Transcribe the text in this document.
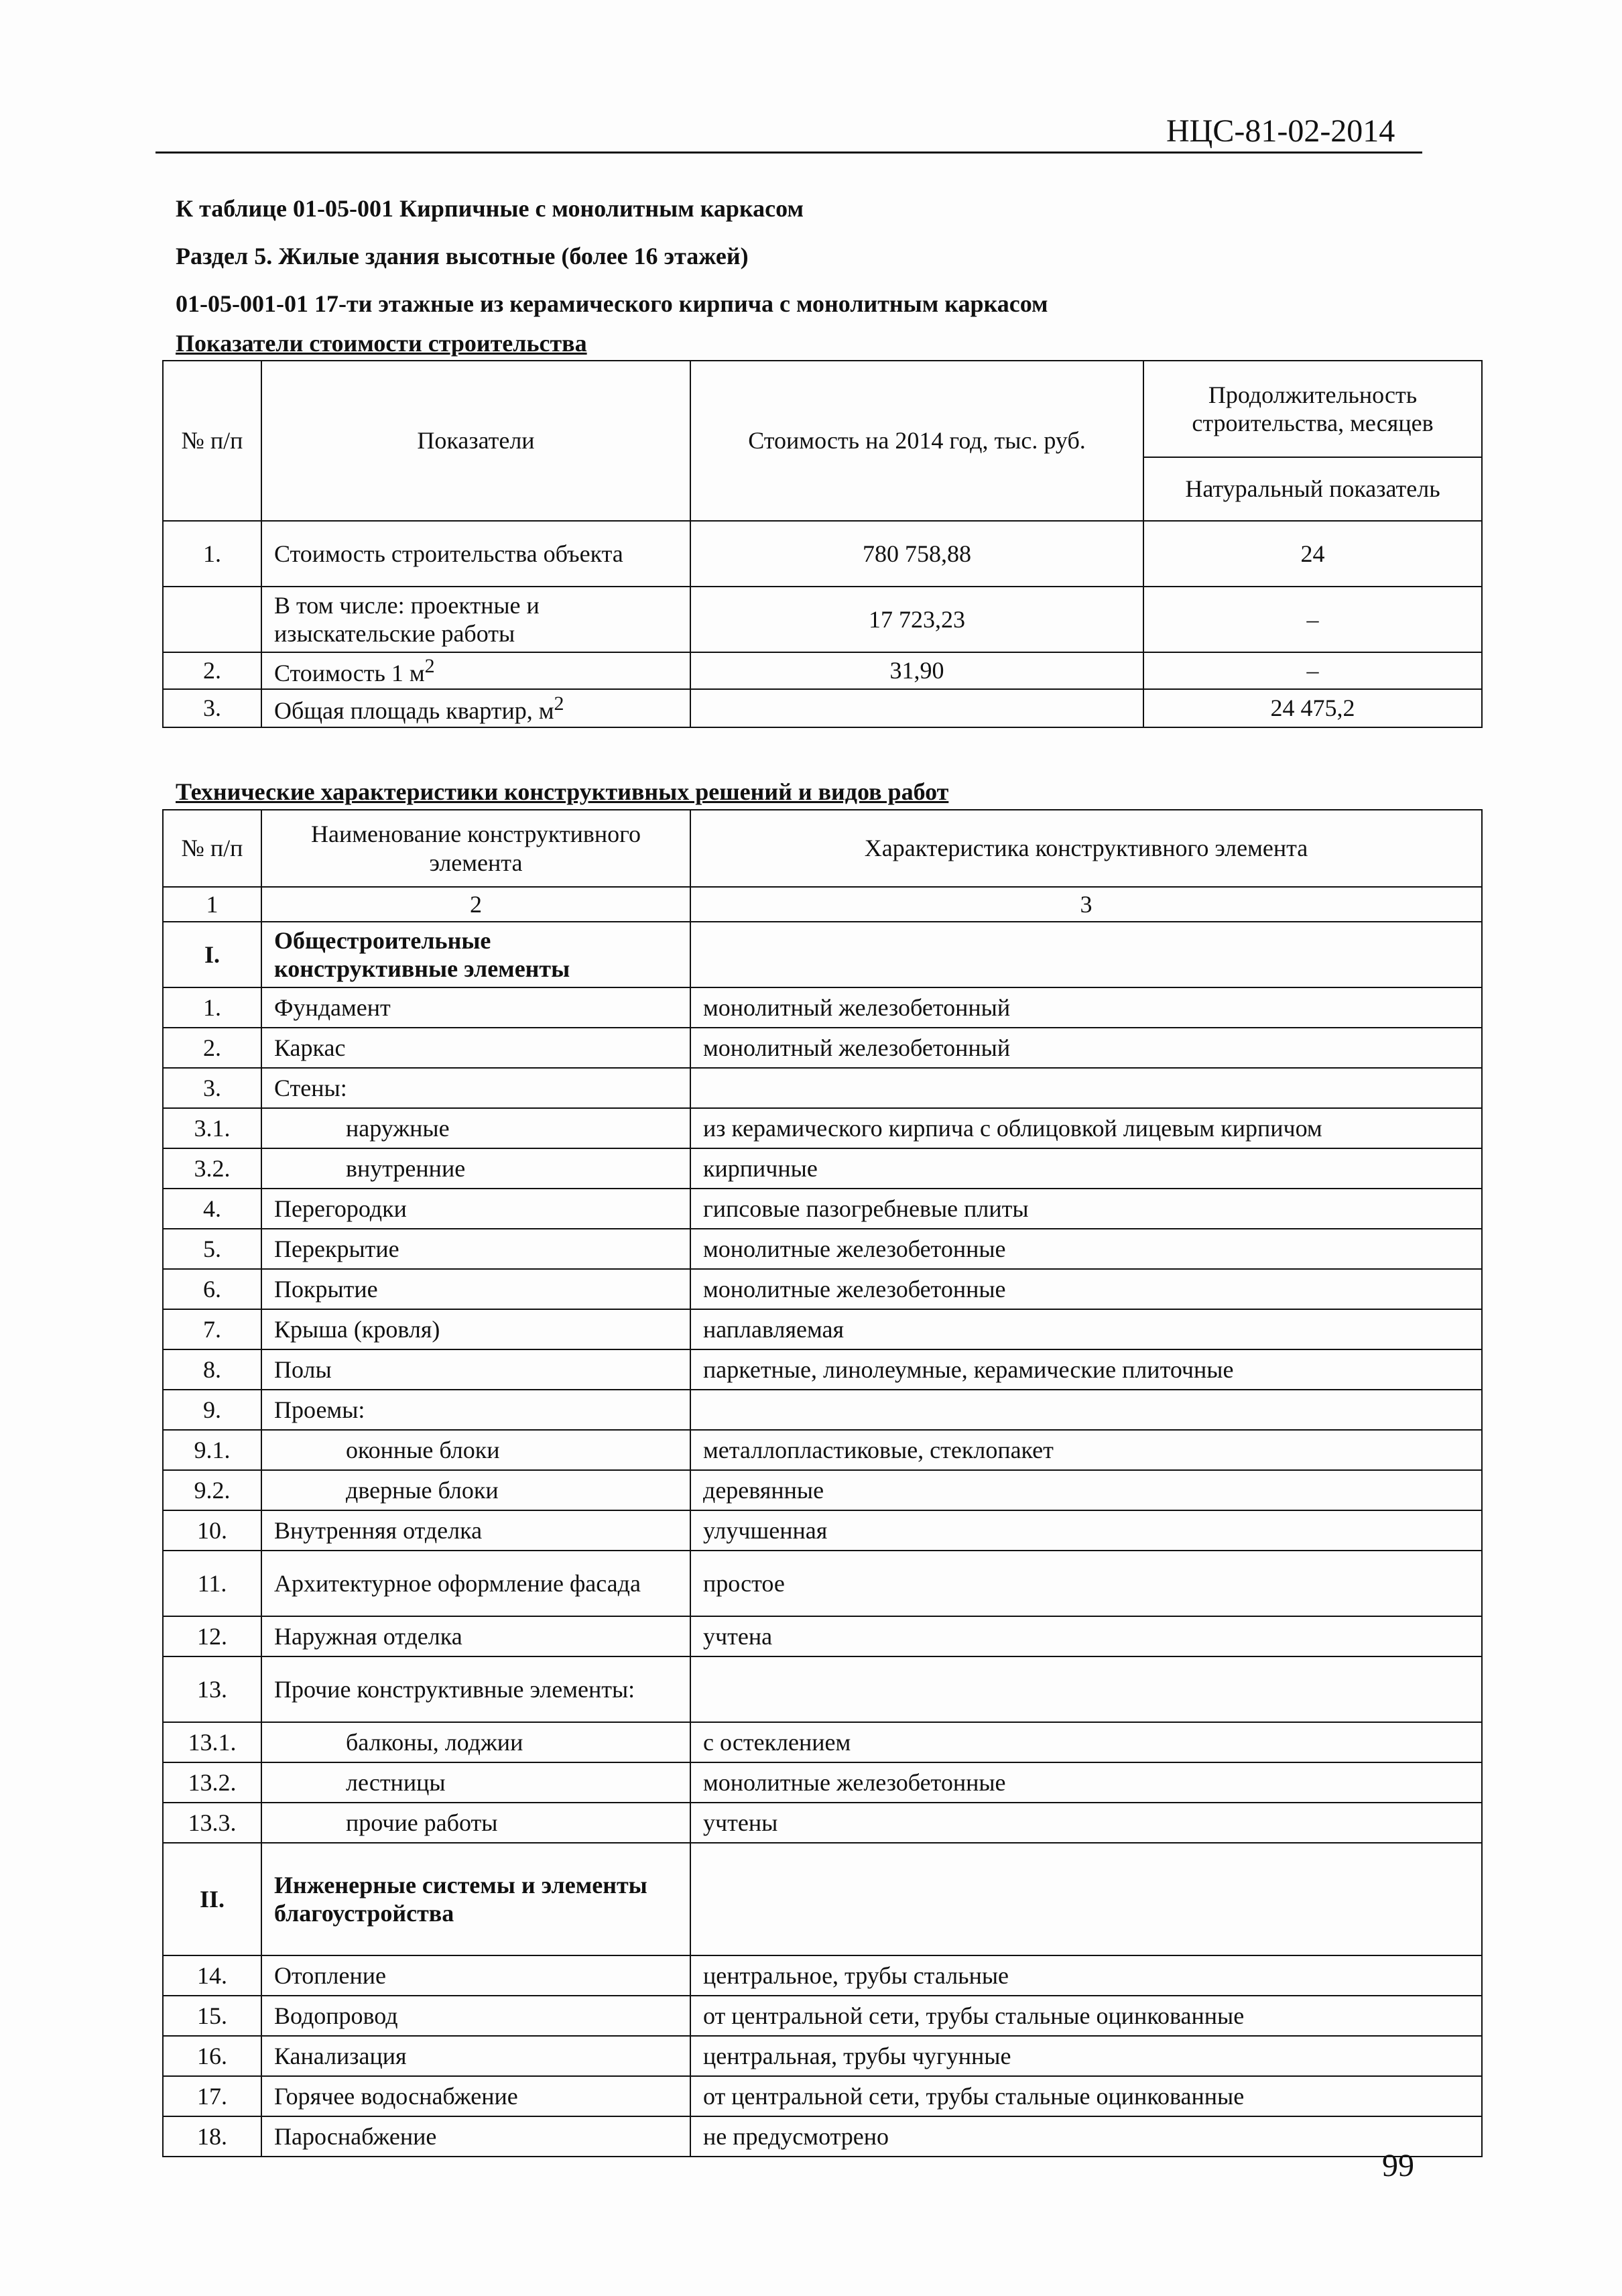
НЦС-81-02-2014
К таблице 01-05-001 Кирпичные с монолитным каркасом
Раздел 5. Жилые здания высотные (более 16 этажей)
01-05-001-01 17-ти этажные из керамического кирпича с монолитным каркасом
Показатели стоимости строительства
№ п/п	Показатели	Стоимость на 2014 год, тыс. руб.	Продолжительность строительства, месяцев
			Натуральный показатель
1.	Стоимость строительства объекта	780 758,88	24
	В том числе: проектные и изыскательские работы	17 723,23	–
2.	Стоимость 1 $м^2$	31,90	–
3.	Общая площадь квартир, $м^2$		24 475,2
Технические характеристики конструктивных решений и видов работ
№ п/п	Наименование конструктивного элемента	Характеристика конструктивного элемента
1	2	3
I.	Общестроительные конструктивные элементы	
1.	Фундамент	монолитный железобетонный
2.	Каркас	монолитный железобетонный
3.	Стены:	
3.1.	наружные	из керамического кирпича с облицовкой лицевым кирпичом
3.2.	внутренние	кирпичные
4.	Перегородки	гипсовые пазогребневые плиты
5.	Перекрытие	монолитные железобетонные
6.	Покрытие	монолитные железобетонные
7.	Крыша (кровля)	наплавляемая
8.	Полы	паркетные, линолеумные, керамические плиточные
9.	Проемы:	
9.1.	оконные блоки	металлопластиковые, стеклопакет
9.2.	дверные блоки	деревянные
10.	Внутренняя отделка	улучшенная
11.	Архитектурное оформление фасада	простое
12.	Наружная отделка	учтена
13.	Прочие конструктивные элементы:	
13.1.	балконы, лоджии	с остеклением
13.2.	лестницы	монолитные железобетонные
13.3.	прочие работы	учтены
II.	Инженерные системы и элементы благоустройства	
14.	Отопление	центральное, трубы стальные
15.	Водопровод	от центральной сети, трубы стальные оцинкованные
16.	Канализация	центральная, трубы чугунные
17.	Горячее водоснабжение	от центральной сети, трубы стальные оцинкованные
18.	Пароснабжение	не предусмотрено
99
